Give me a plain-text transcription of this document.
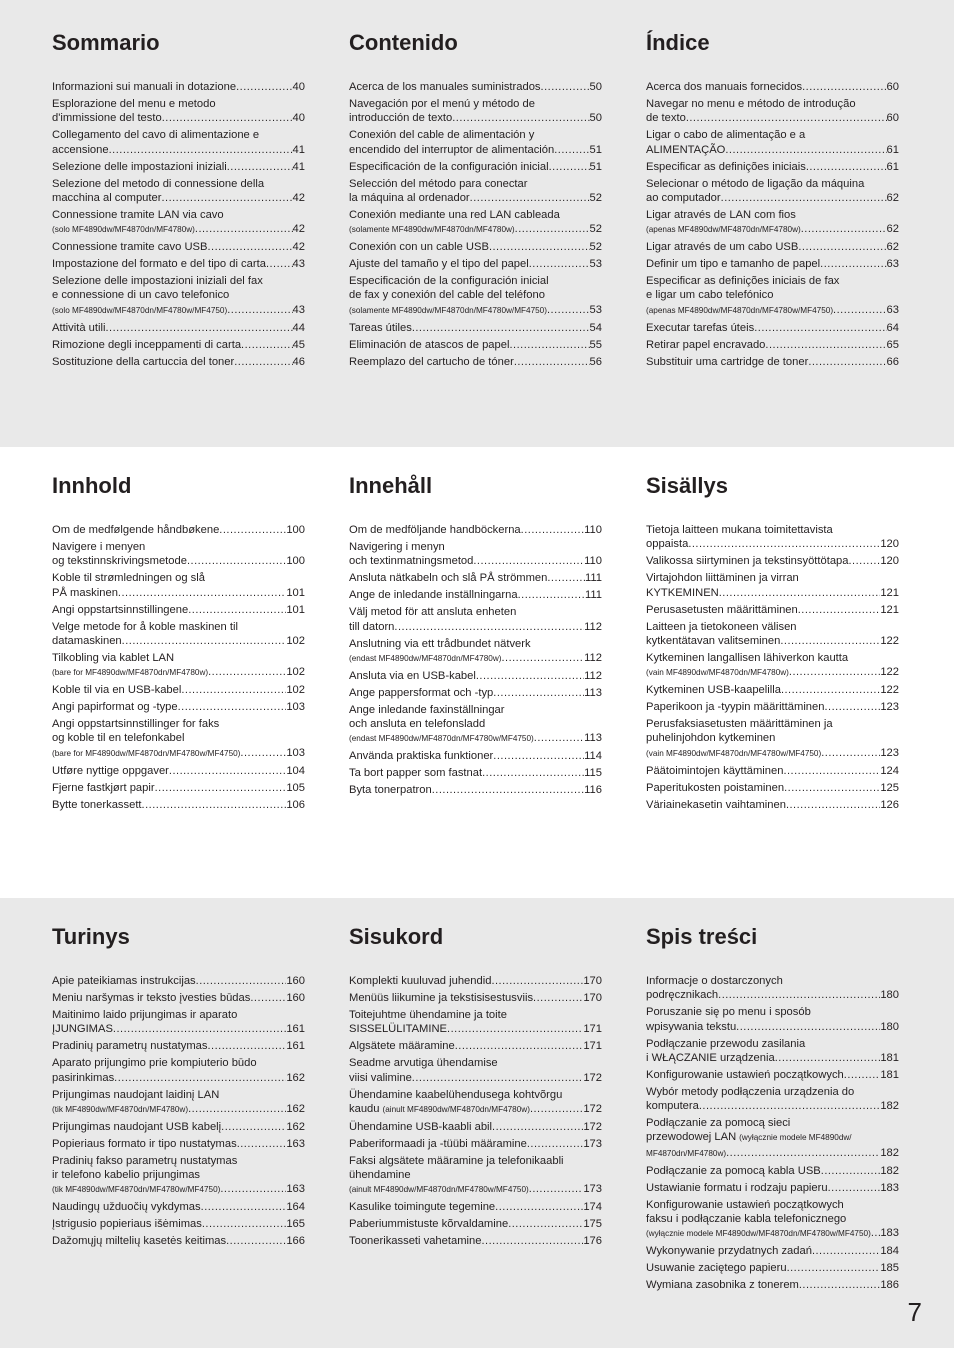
Sommario
Informazioni sui manuali in dotazione .....	40
Esplorazione del menu e metodo
d'immissione del testo .....	40
Collegamento del cavo di alimentazione e
accensione .....	41
Selezione delle impostazioni iniziali .....	41
Selezione del metodo di connessione della
macchina al computer .....	42
Connessione tramite LAN via cavo
(solo MF4890dw/MF4870dn/MF4780w) .....	42
Connessione tramite cavo USB .....	42
Impostazione del formato e del tipo di carta ..... 43
Selezione delle impostazioni iniziali del fax
e connessione di un cavo telefonico
(solo MF4890dw/MF4870dn/MF4780w/MF4750) .....	43
Attività utili .....	44
Rimozione degli inceppamenti di carta .....	45
Sostituzione della cartuccia del toner .....	46
Contenido
Acerca de los manuales suministrados .....	50
Navegación por el menú y método de
introducción de texto .....	50
Conexión del cable de alimentación y
encendido del interruptor de alimentación .....	51
Especificación de la configuración inicial .....	51
Selección del método para conectar
la máquina al ordenador .....	52
Conexión mediante una red LAN cableada
(solamente MF4890dw/MF4870dn/MF4780w) .....	52
Conexión con un cable USB .....	52
Ajuste del tamaño y el tipo del papel .....	53
Especificación de la configuración inicial
de fax y conexión del cable del teléfono
(solamente MF4890dw/MF4870dn/MF4780w/MF4750) .....	53
Tareas útiles .....	54
Eliminación de atascos de papel .....	55
Reemplazo del cartucho de tóner .....	56
Índice
Acerca dos manuais fornecidos .....	60
Navegar no menu e método de introdução
de texto .....	60
Ligar o cabo de alimentação e a
ALIMENTAÇÃO .....	61
Especificar as definições iniciais .....	61
Selecionar o método de ligação da máquina
ao computador .....	62
Ligar através de LAN com fios
(apenas MF4890dw/MF4870dn/MF4780w) .....	62
Ligar através de um cabo USB .....	62
Definir um tipo e tamanho de papel .....	63
Especificar as definições iniciais de fax
e ligar um cabo telefónico
(apenas MF4890dw/MF4870dn/MF4780w/MF4750) .....	63
Executar tarefas úteis .....	64
Retirar papel encravado .....	65
Substituir uma cartridge de toner .....	66
Innhold
Om de medfølgende håndbøkene .....	100
Navigere i menyen
og tekstinnskrivingsmetode .....	100
Koble til strømledningen og slå
PÅ maskinen .....	101
Angi oppstartsinnstillingene .....	101
Velge metode for å koble maskinen til
datamaskinen .....	102
Tilkobling via kablet LAN
(bare for MF4890dw/MF4870dn/MF4780w) .....	102
Koble til via en USB-kabel .....	102
Angi papirformat og -type .....	103
Angi oppstartsinnstillinger for faks
og koble til en telefonkabel
(bare for MF4890dw/MF4870dn/MF4780w/MF4750) .....	103
Utføre nyttige oppgaver .....	104
Fjerne fastkjørt papir .....	105
Bytte tonerkassett .....	106
Innehåll
Om de medföljande handböckerna .....	110
Navigering i menyn
och textinmatningsmetod .....	110
Ansluta nätkabeln och slå PÅ strömmen .....	111
Ange de inledande inställningarna .....	111
Välj metod för att ansluta enheten
till datorn .....	112
Anslutning via ett trådbundet nätverk
(endast MF4890dw/MF4870dn/MF4780w) .....	112
Ansluta via en USB-kabel .....	112
Ange pappersformat och -typ .....	113
Ange inledande faxinställningar
och ansluta en telefonsladd
(endast MF4890dw/MF4870dn/MF4780w/MF4750) .....	113
Använda praktiska funktioner .....	114
Ta bort papper som fastnat .....	115
Byta tonerpatron .....	116
Sisällys
Tietoja laitteen mukana toimitettavista
oppaista .....	120
Valikossa siirtyminen ja tekstinsyöttötapa .....	120
Virtajohdon liittäminen ja virran
KYTKEMINEN .....	121
Perusasetusten määrittäminen .....	121
Laitteen ja tietokoneen välisen
kytkentätavan valitseminen .....	122
Kytkeminen langallisen lähiverkon kautta
(vain MF4890dw/MF4870dn/MF4780w) .....	122
Kytkeminen USB-kaapelilla .....	122
Paperikoon ja -tyypin määrittäminen .....	123
Perusfaksiasetusten määrittäminen ja
puhelinjohdon kytkeminen
(vain MF4890dw/MF4870dn/MF4780w/MF4750) .....	123
Päätoimintojen käyttäminen .....	124
Paperitukosten poistaminen .....	125
Väriainekasetin vaihtaminen .....	126
Turinys
Apie pateikiamas instrukcijas .....	160
Meniu naršymas ir teksto įvesties būdas .....	160
Maitinimo laido prijungimas ir aparato
ĮJUNGIMAS .....	161
Pradinių parametrų nustatymas .....	161
Aparato prijungimo prie kompiuterio būdo
pasirinkimas .....	162
Prijungimas naudojant laidinį LAN
(tik MF4890dw/MF4870dn/MF4780w) .....	162
Prijungimas naudojant USB kabelį .....	162
Popieriaus formato ir tipo nustatymas .....	163
Pradinių fakso parametrų nustatymas
ir telefono kabelio prijungimas
(tik MF4890dw/MF4870dn/MF4780w/MF4750) .....	163
Naudingų užduočių vykdymas .....	164
Įstrigusio popieriaus išėmimas .....	165
Dažomųjų miltelių kasetės keitimas .....	166
Sisukord
Komplekti kuuluvad juhendid .....	170
Menüüs liikumine ja tekstisisestusviis .....	170
Toitejuhtme ühendamine ja toite
SISSELÜLITAMINE .....	171
Algsätete määramine .....	171
Seadme arvutiga ühendamise
viisi valimine .....	172
Ühendamine kaabelühendusega kohtvõrgu
kaudu (ainult MF4890dw/MF4870dn/MF4780w) .....	172
Ühendamine USB-kaabli abil .....	172
Paberiformaadi ja -tüübi määramine .....	173
Faksi algsätete määramine ja telefonikaabli
ühendamine
(ainult MF4890dw/MF4870dn/MF4780w/MF4750) .....	173
Kasulike toimingute tegemine .....	174
Paberiummistuste kõrvaldamine .....	175
Toonerikasseti vahetamine .....	176
Spis treści
Informacje o dostarczonych
podręcznikach .....	180
Poruszanie się po menu i sposób
wpisywania tekstu .....	180
Podłączanie przewodu zasilania
i WŁĄCZANIE urządzenia .....	181
Konfigurowanie ustawień początkowych .....	181
Wybór metody podłączenia urządzenia do
komputera .....	182
Podłączanie za pomocą sieci
przewodowej LAN (wyłącznie modele MF4890dw/
MF4870dn/MF4780w) .....	182
Podłączanie za pomocą kabla USB .....	182
Ustawianie formatu i rodzaju papieru .....	183
Konfigurowanie ustawień początkowych
faksu i podłączanie kabla telefonicznego
(wyłącznie modele MF4890dw/MF4870dn/MF4780w/MF4750) ..... 183
Wykonywanie przydatnych zadań .....	184
Usuwanie zaciętego papieru .....	185
Wymiana zasobnika z tonerem .....	186
7
